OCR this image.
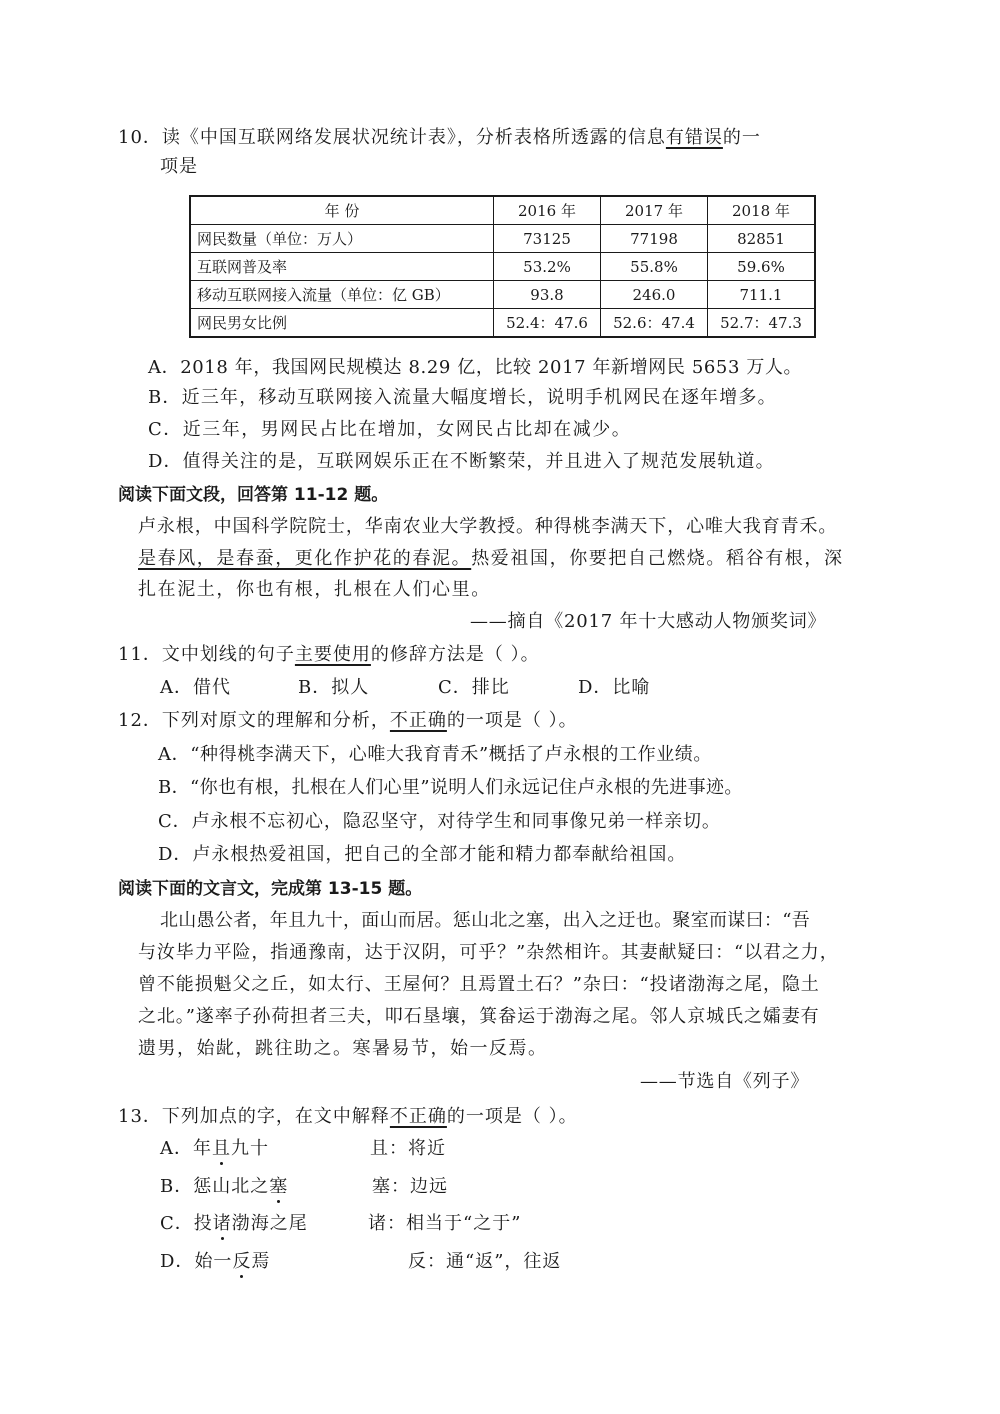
10．读《中国互联网络发展状况统计表》，分析表格所透露的信息有错误的一
项是
年 份	2016 年	2017 年	2018 年
网民数量（单位：万人）	73125	77198	82851
互联网普及率	53.2%	55.8%	59.6%
移动互联网接入流量（单位：亿 GB）	93.8	246.0	711.1
网民男女比例	52.4：47.6	52.6：47.4	52.7：47.3
A．2018 年，我国网民规模达 8.29 亿，比较 2017 年新增网民 5653 万人。
B．近三年，移动互联网接入流量大幅度增长，说明手机网民在逐年增多。
C．近三年，男网民占比在增加，女网民占比却在减少。
D．值得关注的是，互联网娱乐正在不断繁荣，并且进入了规范发展轨道。
阅读下面文段，回答第 11-12 题。
卢永根，中国科学院院士，华南农业大学教授。种得桃李满天下，心唯大我育青禾。
是春风，是春蚕，更化作护花的春泥。热爱祖国，你要把自己燃烧。稻谷有根，深
扎在泥土，你也有根，扎根在人们心里。
——摘自《2017 年十大感动人物颁奖词》
11．文中划线的句子主要使用的修辞方法是（ ）。
A．借代	B．拟人	C．排比	D．比喻
12．下列对原文的理解和分析，不正确的一项是（ ）。
A．“种得桃李满天下，心唯大我育青禾”概括了卢永根的工作业绩。
B．“你也有根，扎根在人们心里”说明人们永远记住卢永根的先进事迹。
C．卢永根不忘初心，隐忍坚守，对待学生和同事像兄弟一样亲切。
D．卢永根热爱祖国，把自己的全部才能和精力都奉献给祖国。
阅读下面的文言文，完成第 13-15 题。
北山愚公者，年且九十，面山而居。惩山北之塞，出入之迂也。聚室而谋曰：“吾
与汝毕力平险，指通豫南，达于汉阴，可乎？”杂然相许。其妻献疑曰：“以君之力，
曾不能损魁父之丘，如太行、王屋何？且焉置土石？”杂曰：“投诸渤海之尾，隐土
之北。”遂率子孙荷担者三夫，叩石垦壤，箕畚运于渤海之尾。邻人京城氏之孀妻有
遗男，始龀，跳往助之。寒暑易节，始一反焉。
——节选自《列子》
13．下列加点的字，在文中解释不正确的一项是（ ）。
A．年且九十	且：将近
B．惩山北之塞	塞：边远
C．投诸渤海之尾	诸：相当于“之于”
D．始一反焉	反：通“返”，往返
